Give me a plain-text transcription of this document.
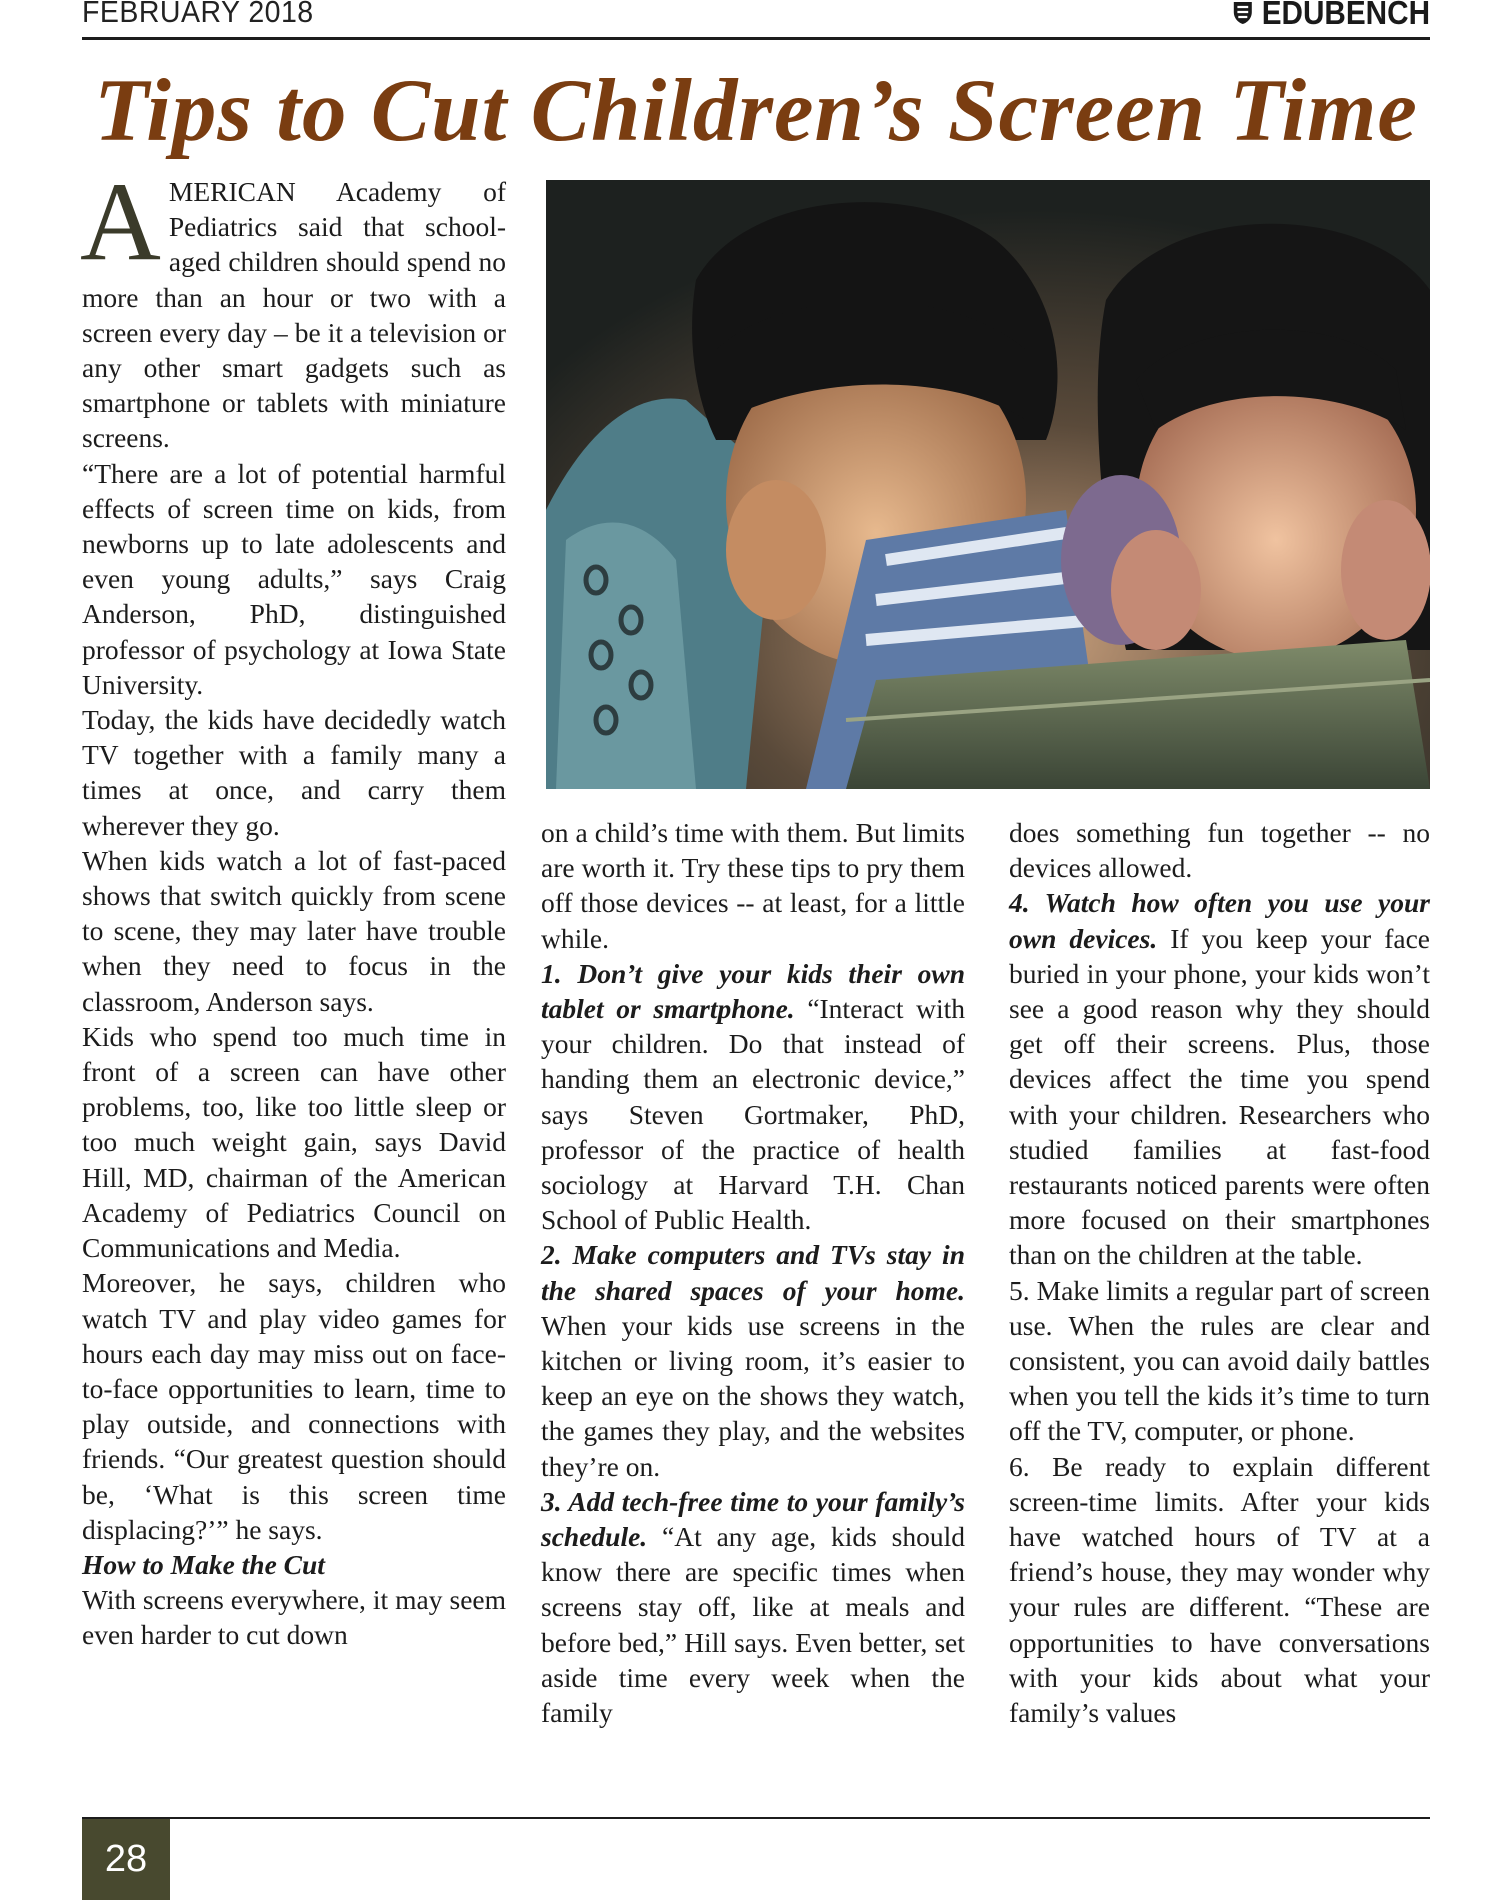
FEBRUARY 2018	EDUBENCH
Tips to Cut Children’s Screen Time

AMERICAN Academy of Pediatrics said that school-aged children should spend no more than an hour or two with a screen every day – be it a television or any other smart gadgets such as smartphone or tablets with miniature screens.

“There are a lot of potential harmful effects of screen time on kids, from newborns up to late adolescents and even young adults,” says Craig Anderson, PhD, distinguished professor of psychology at Iowa State University.

Today, the kids have decidedly watch TV together with a family many a times at once, and carry them wherever they go.

When kids watch a lot of fast-paced shows that switch quickly from scene to scene, they may later have trouble when they need to focus in the classroom, Anderson says.

Kids who spend too much time in front of a screen can have other problems, too, like too little sleep or too much weight gain, says David Hill, MD, chairman of the American Academy of Pediatrics Council on Communications and Media.

Moreover, he says, children who watch TV and play video games for hours each day may miss out on face-to-face opportunities to learn, time to play outside, and connections with friends. “Our greatest question should be, ‘What is this screen time displacing?’” he says.

How to Make the Cut

With screens everywhere, it may seem even harder to cut down

on a child’s time with them. But limits are worth it. Try these tips to pry them off those devices -- at least, for a little while.

1. Don’t give your kids their own tablet or smartphone. “Interact with your children. Do that instead of handing them an electronic device,” says Steven Gortmaker, PhD, professor of the practice of health sociology at Harvard T.H. Chan School of Public Health.

2. Make computers and TVs stay in the shared spaces of your home. When your kids use screens in the kitchen or living room, it’s easier to keep an eye on the shows they watch, the games they play, and the websites they’re on.

3. Add tech-free time to your family’s schedule. “At any age, kids should know there are specific times when screens stay off, like at meals and before bed,” Hill says. Even better, set aside time every week when the family

does something fun together -- no devices allowed.

4. Watch how often you use your own devices. If you keep your face buried in your phone, your kids won’t see a good reason why they should get off their screens. Plus, those devices affect the time you spend with your children. Researchers who studied families at fast-food restaurants noticed parents were often more focused on their smartphones than on the children at the table.

5. Make limits a regular part of screen use. When the rules are clear and consistent, you can avoid daily battles when you tell the kids it’s time to turn off the TV, computer, or phone.

6. Be ready to explain different screen-time limits. After your kids have watched hours of TV at a friend’s house, they may wonder why your rules are different. “These are opportunities to have conversations with your kids about what your family’s values

28
